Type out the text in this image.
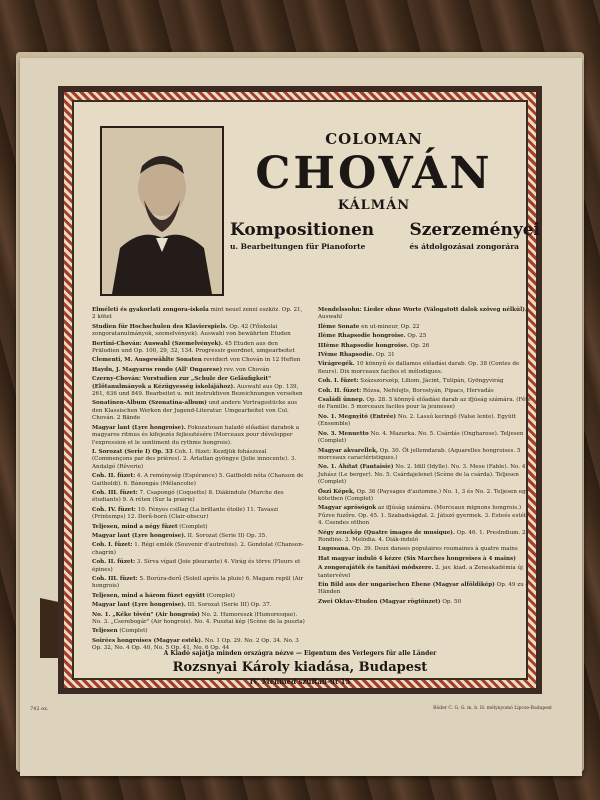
COLOMAN
CHOVÁN
KÁLMÁN
Kompositionen
u. Bearbeitungen für Pianoforte
Szerzeményei
és átdolgozásai zongorára
Elméleti és gyakorlati zongora-iskola mint neuel zenei eszköz. Op. 21, 2 kötet
Studien für Hochschulen des Klavierspiels. Op. 42 (Főiskolai zongoratanulmányok, szemelvények). Auswahl von bewährten Etuden
Bertini-Chován: Auswahl (Szemelvények). 45 Etuden aus den Präludien und Op. 100, 29, 32, 134. Progressiv geordnet, umgearbeitet
Clementi, M. Ausgewählte Sonaten revidiert von Chován in 12 Heften
Haydn, J. Magyaros rondo (All' Ongarese) rev. von Chován
Czerny-Chován: Vorstudien zur „Schule der Geläufigkeit" (Előtanulmányok a Kézügyesség iskolájához). Auswahl aus Op. 139, 261, 636 und 849. Bearbeitet u. mit instruktiven Bezeichnungen versehen
Sonatinen-Album (Szonatina-album) und andere Vortragsstücke aus den Klassischen Werken der Jugend-Literatur. Umgearbeitet von Col. Chován. 2 Bände
Magyar lant (Lyre hongroise). Fokozatosan haladó előadási darabok a magyaros ritmus és kifejezés fejlesztésére (Morceaux pour développer l'expression et le sentiment du rythme hongrois).
I. Sorozat (Serie I) Op. 33 Coh. I. füzet: Kezdjük fohászszal (Commençons par des prières). 2. Ártatlan gyöngye (Jolie innocente). 3. Andalgó (Rêverie)
Coh. II. füzet: 4. A reménység (Espérance) 5. Gaitboldi nóta (Chanson de Gaitboldi). 6. Bánongás (Mélancolie)
Coh. III. füzet: 7. Csapongó (Coquette) 8. Diákindulo (Marche des étudiants) 9. A réten (Sur la prairie)
Coh. IV. füzet: 10. Fényes csillag (La brillante étoile) 11. Tavaszi (Printemps) 12. Derű-ború (Clair-obscur)
Teljesen, mind a négy füzet (Complet)
Magyar lant (Lyre hongroise). II. Sorozat (Serie II) Op. 35.
Coh. I. füzet: 1. Régi emlék (Souvenir d'autrefois). 2. Gondolat (Chanson-chagrin)
Coh. II. füzet: 3. Sírva vígad (Joie pleurante) 4. Virág és törve (Fleurs et épines)
Coh. III. füzet: 5. Borúra-derű (Soleil après la pluie) 6. Magam repül (Air hongrois)
Teljesen, mind a három füzet együtt (Complet)
Magyar lant (Lyre hongroise). III. Sorozat (Serie III) Op. 37.
No. 1. „Kéke tövén" (Air hongrois) No. 2. Humoreszk (Humoresque). No. 3. „Cserebogár" (Air hongrois). No. 4. Pusztai kép (Scène de la puszta)
Teljesen (Complet)
Soirées hongroises (Magyar esték). No. 1 Op. 29. No. 2 Op. 34. No. 3 Op. 32, No. 4 Op. 40, No. 5 Op. 41, No. 6 Op. 44
Mendelssohn: Lieder ohne Worte (Válogatott dalok szöveg nélkül). Auswahl
Ilème Sonate en ut-mineur, Op. 22
Ilème Rhapsodie hongroise. Op. 25
IIIème Rhapsodie hongroise. Op. 26
IVème Rhapsodie. Op. 31
Virágregék. 10 könnyű és dallamos előadási darab. Op. 38 (Contes de fleurs). Dix morceaux faciles et mélodiques.
Coh. I. füzet: Százszorszép, Liliom, Jácint, Tulipán, Gyöngyvirág
Coh. II. füzet: Rózsa, Nefelejts, Borostyán, Pipacs, Hervadás
Családi ünnep. Op. 28. 5 könnyű előadási darab az ifjúság számára. (Fête de Famille. 5 morceaux faciles pour la jeunesse)
No. 1. Megnyitó (Entrée) No. 2. Lassú keringő (Valse lente). Együtt (Ensemble)
No. 3. Menuetto No. 4. Mazurka. No. 5. Csárdás (Ongharese). Teljesen (Complet)
Magyar akvarellek, Op. 30. Öt jellemdarab. (Aquarelles hongroises. 5 morceaux caractéristiques.)
No. 1. Áhítat (Fantaisie) No. 2. Idill (Idylle). No. 3. Mese (Fable). No. 4. Juhász (Le berger). No. 5. Csárdajelenet (Scène de la csárda). Teljesen (Complet)
Őszi Képek, Op. 36 (Paysages d'automne.) No. 1, 3 és No. 2. Teljesen egy kötetben (Complet)
Magyar aprósógok az ifjúság számára. (Morceaux mignons hongrois.) Fűzve fuzőre. Op. 45. 1. Szabadságdal. 2. Játszó gyermek. 3. Esteés estét. 4. Csendes otthon
Négy zeneköp (Quatre images de musique). Op. 46. 1. Preslndium. 2. Rondino. 3. Melódia. 4. Diák-induló
Lugosana. Op. 39. Deux danses populaires roumaines à quatre mains
Hat magyar induló 4 kézre (Six Marches hongroises à 4 mains)
A zongorajáték és tanítási módszere. 2. jav. kiad. a Zeneakadémia új tantervével
Ein Bild aus der ungarischen Ebene (Magyar alföldikép) Op. 49 zu 4 Händen
Zwei Oktav-Etuden (Magyar rögtönzet) Op. 50
A Kiadó sajátja minden országra nézve — Eigentum des Verlegers für alle Länder
Rozsnyai Károly kiadása, Budapest
IV, Mehmed szultán-út 15
742 ez.	Röder C. G. G. m. b. H. mélynyomó Lipcse-Budapest
